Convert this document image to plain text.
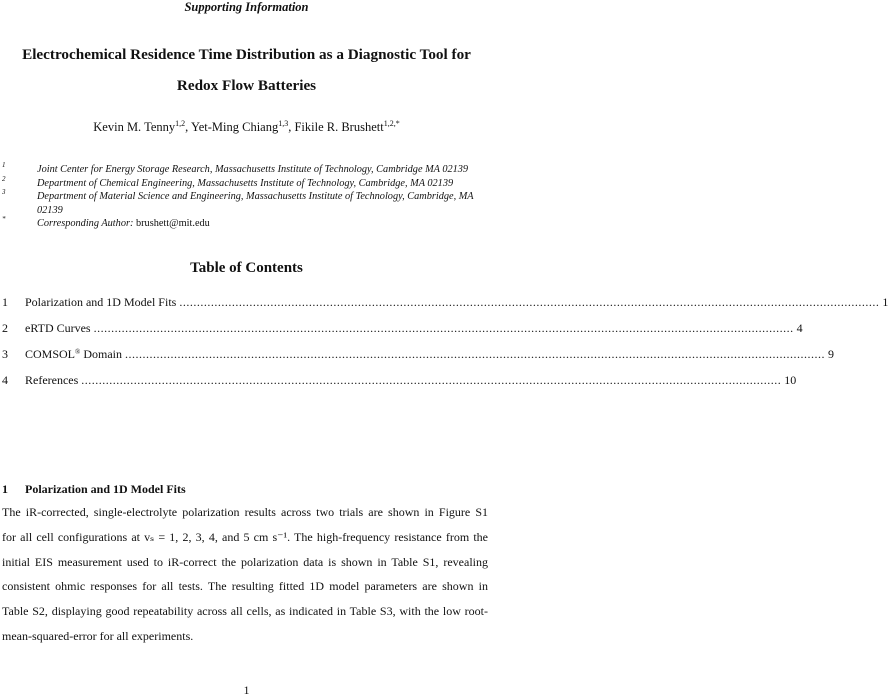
Supporting Information
Electrochemical Residence Time Distribution as a Diagnostic Tool for
Redox Flow Batteries
Kevin M. Tenny$^{1,2}$, Yet-Ming Chiang$^{1,3}$, Fikile R. Brushett$^{1,2,*}$
1	Joint Center for Energy Storage Research, Massachusetts Institute of Technology, Cambridge MA 02139
2	Department of Chemical Engineering, Massachusetts Institute of Technology, Cambridge, MA 02139
3	Department of Material Science and Engineering, Massachusetts Institute of Technology, Cambridge, MA 02139
*	Corresponding Author: brushett@mit.edu
Table of Contents
1	Polarization and 1D Model Fits ........................................................................................................................................................................................................ 1
2	eRTD Curves ........................................................................................................................................................................................................ 4
3	COMSOL® Domain ........................................................................................................................................................................................................ 9
4	References ........................................................................................................................................................................................................ 10
1 Polarization and 1D Model Fits
The iR-corrected, single-electrolyte polarization results across two trials are shown in Figure S1
for all cell configurations at vₛ = 1, 2, 3, 4, and 5 cm s⁻¹. The high-frequency resistance from the
initial EIS measurement used to iR-correct the polarization data is shown in Table S1, revealing
consistent ohmic responses for all tests. The resulting fitted 1D model parameters are shown in
Table S2, displaying good repeatability across all cells, as indicated in Table S3, with the low root-
mean-squared-error for all experiments.
1
